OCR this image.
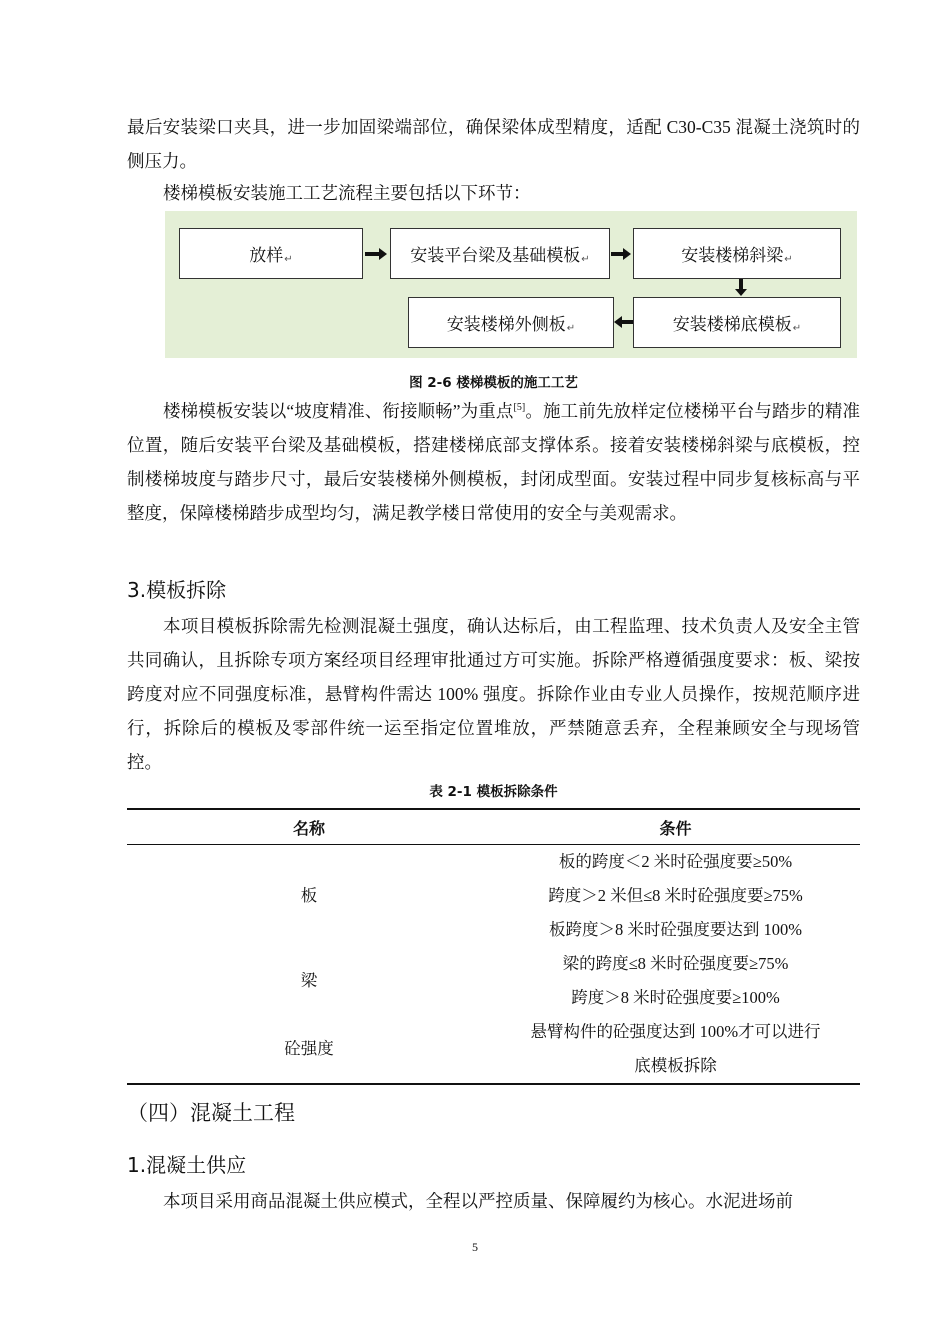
最后安装梁口夹具，进一步加固梁端部位，确保梁体成型精度，适配 C30-C35 混凝土浇筑时的侧压力。

楼梯模板安装施工工艺流程主要包括以下环节：

放样 ↵	安装平台梁及基础模板 ↵	安装楼梯斜梁 ↵
安装楼梯底模板 ↵
安装楼梯外侧板 ↵

图 2-6 楼梯模板的施工工艺

楼梯模板安装以“坡度精准、衔接顺畅”为重点[5]。施工前先放样定位楼梯平台与踏步的精准位置，随后安装平台梁及基础模板，搭建楼梯底部支撑体系。接着安装楼梯斜梁与底模板，控制楼梯坡度与踏步尺寸，最后安装楼梯外侧模板，封闭成型面。安装过程中同步复核标高与平整度，保障楼梯踏步成型均匀，满足教学楼日常使用的安全与美观需求。

3.模板拆除

本项目模板拆除需先检测混凝土强度，确认达标后，由工程监理、技术负责人及安全主管共同确认，且拆除专项方案经项目经理审批通过方可实施。拆除严格遵循强度要求：板、梁按跨度对应不同强度标准，悬臂构件需达 100% 强度。拆除作业由专业人员操作，按规范顺序进行，拆除后的模板及零部件统一运至指定位置堆放，严禁随意丢弃，全程兼顾安全与现场管控。

表 2-1 模板拆除条件

名称	条件
板	板的跨度＜2 米时砼强度要≥50%
	跨度＞2 米但≤8 米时砼强度要≥75%
	板跨度＞8 米时砼强度要达到 100%
梁	梁的跨度≤8 米时砼强度要≥75%
	跨度＞8 米时砼强度要≥100%
砼强度	悬臂构件的砼强度达到 100%才可以进行
	底模板拆除
（四）混凝土工程
1.混凝土供应

本项目采用商品混凝土供应模式，全程以严控质量、保障履约为核心。水泥进场前

5
